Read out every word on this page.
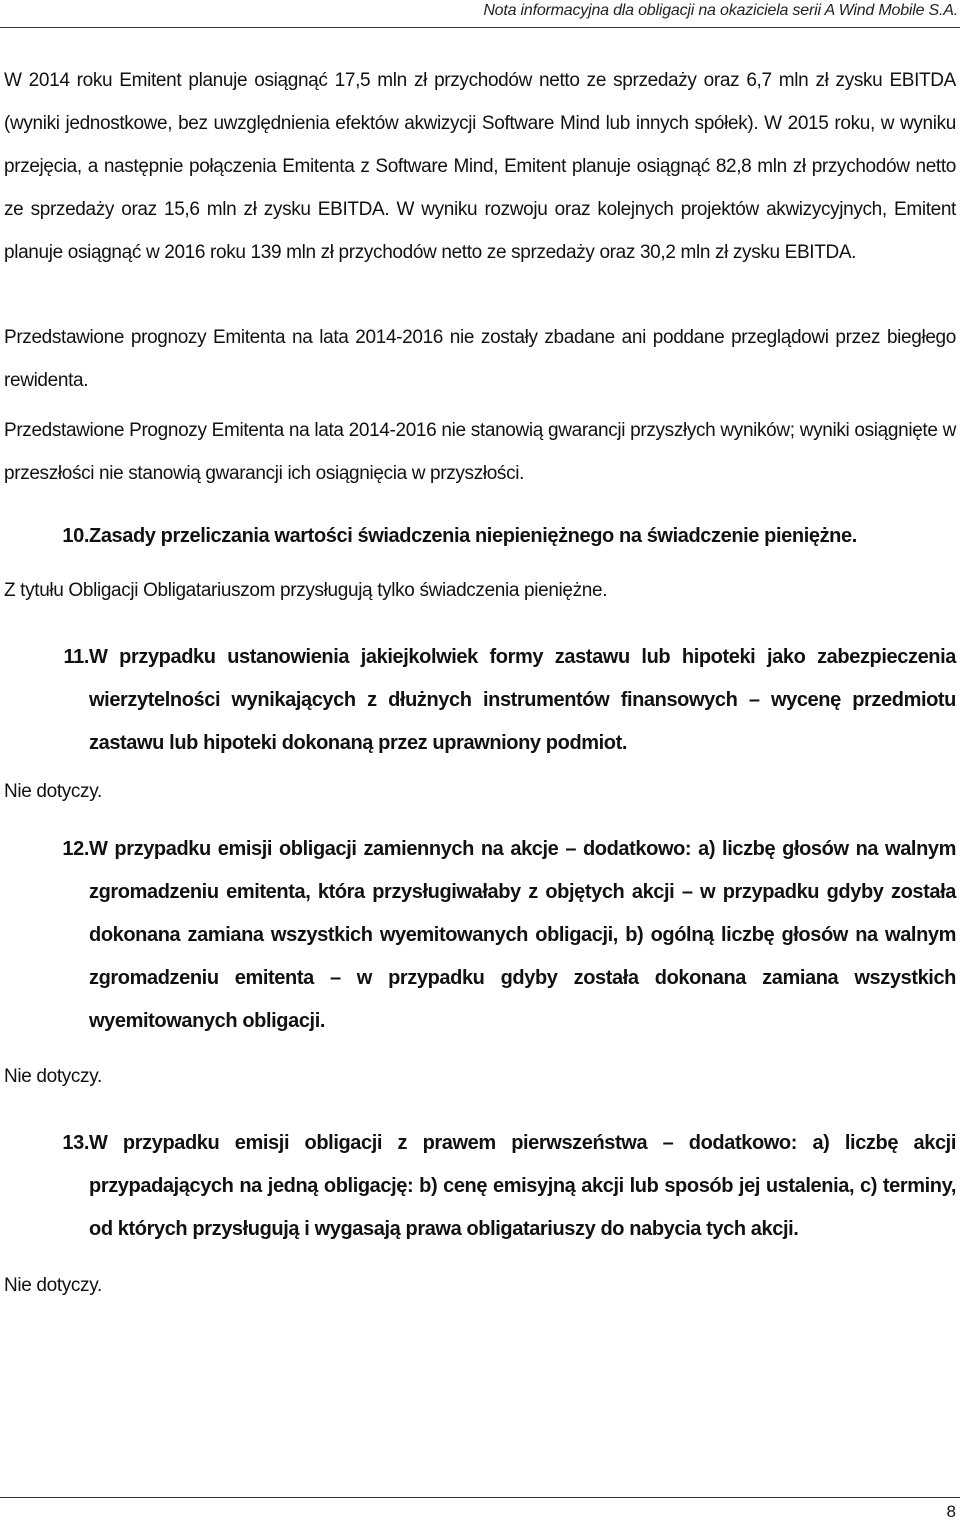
Nota informacyjna dla obligacji na okaziciela serii A Wind Mobile S.A.
W 2014 roku Emitent planuje osiągnąć 17,5 mln zł przychodów netto ze sprzedaży oraz 6,7 mln zł zysku EBITDA (wyniki jednostkowe, bez uwzględnienia efektów akwizycji Software Mind lub innych spółek). W 2015 roku, w wyniku przejęcia, a następnie połączenia Emitenta z Software Mind, Emitent planuje osiągnąć 82,8 mln zł przychodów netto ze sprzedaży oraz 15,6 mln zł zysku EBITDA. W wyniku rozwoju oraz kolejnych projektów akwizycyjnych, Emitent planuje osiągnąć w 2016 roku 139 mln zł przychodów netto ze sprzedaży oraz 30,2 mln zł zysku EBITDA.
Przedstawione prognozy Emitenta na lata 2014-2016 nie zostały zbadane ani poddane przeglądowi przez biegłego rewidenta.
Przedstawione Prognozy Emitenta na lata 2014-2016 nie stanowią gwarancji przyszłych wyników; wyniki osiągnięte w przeszłości nie stanowią gwarancji ich osiągnięcia w przyszłości.
10. Zasady przeliczania wartości świadczenia niepieniężnego na świadczenie pieniężne.
Z tytułu Obligacji Obligatariuszom przysługują tylko świadczenia pieniężne.
11. W przypadku ustanowienia jakiejkolwiek formy zastawu lub hipoteki jako zabezpieczenia wierzytelności wynikających z dłużnych instrumentów finansowych – wycenę przedmiotu zastawu lub hipoteki dokonaną przez uprawniony podmiot.
Nie dotyczy.
12. W przypadku emisji obligacji zamiennych na akcje – dodatkowo: a) liczbę głosów na walnym zgromadzeniu emitenta, która przysługiwałaby z objętych akcji – w przypadku gdyby została dokonana zamiana wszystkich wyemitowanych obligacji, b) ogólną liczbę głosów na walnym zgromadzeniu emitenta – w przypadku gdyby została dokonana zamiana wszystkich wyemitowanych obligacji.
Nie dotyczy.
13. W przypadku emisji obligacji z prawem pierwszeństwa – dodatkowo: a) liczbę akcji przypadających na jedną obligację: b) cenę emisyjną akcji lub sposób jej ustalenia, c) terminy, od których przysługują i wygasają prawa obligatariuszy do nabycia tych akcji.
Nie dotyczy.
8
